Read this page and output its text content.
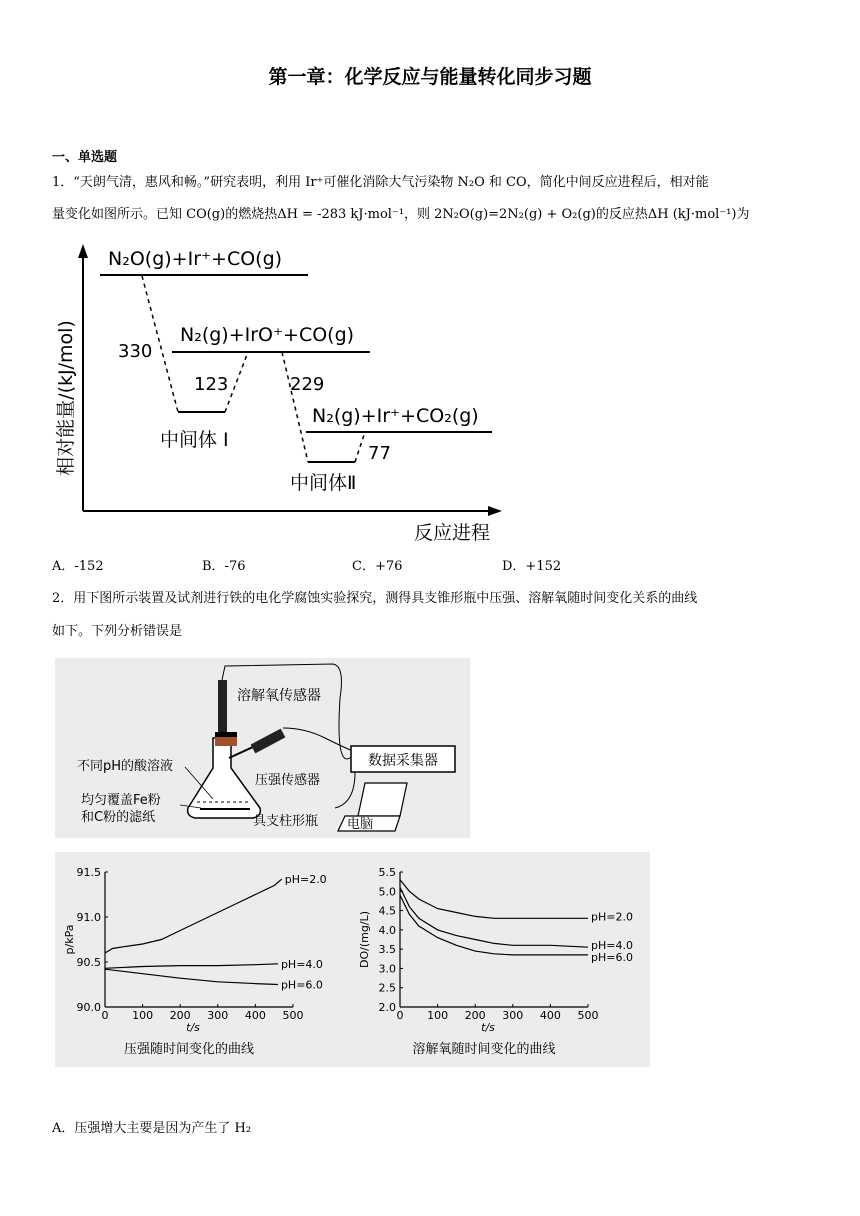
第一章：化学反应与能量转化同步习题
一、单选题
1．“天朗气清，惠风和畅。”研究表明，利用 Ir⁺可催化消除大气污染物 N₂O 和 CO，简化中间反应进程后，相对能
量变化如图所示。已知 CO(g)的燃烧热ΔH = -283 kJ·mol⁻¹，则 2N₂O(g)=2N₂(g) + O₂(g)的反应热ΔH (kJ·mol⁻¹)为
相对能量/(kJ/mol)
反应进程
N₂O(g)+Ir⁺+CO(g)
N₂(g)+IrO⁺+CO(g)
N₂(g)+Ir⁺+CO₂(g)
330
123	229
77
中间体 Ⅰ
中间体Ⅱ
A．-152	B．-76	C．+76	D．+152
2．用下图所示装置及试剂进行铁的电化学腐蚀实验探究，测得具支锥形瓶中压强、溶解氧随时间变化关系的曲线
如下。下列分析错误是
数据采集器
电脑
溶解氧传感器
不同pH的酸溶液
压强传感器
均匀覆盖Fe粉
和C粉的滤纸	具支柱形瓶
0 100 200 300 400 500
90.0
90.5
91.0
91.5
t/s
p/kPa
压强随时间变化的曲线
pH=2.0
pH=4.0
pH=6.0
0 100 200 300 400 500
2.0
2.5
3.0
3.5
4.0
4.5
5.0
5.5
t/s
DO/(mg/L)
溶解氧随时间变化的曲线
pH=2.0
pH=4.0
pH=6.0
A．压强增大主要是因为产生了 H₂
